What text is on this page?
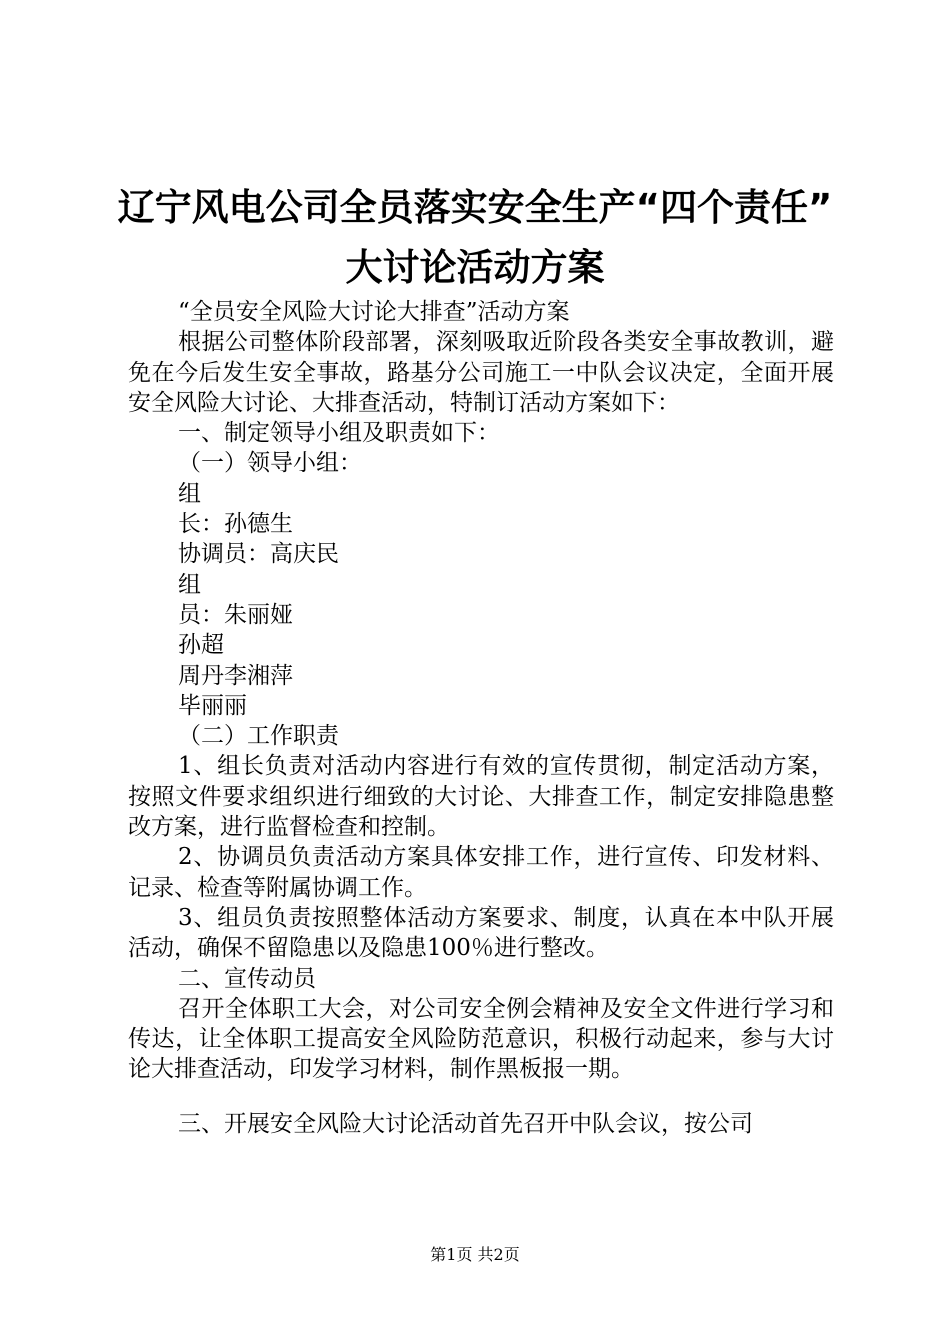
辽宁风电公司全员落实安全生产“四个责任”
大讨论活动方案

“全员安全风险大讨论大排查”活动方案

根据公司整体阶段部署，深刻吸取近阶段各类安全事故教训，避免在今后发生安全事故，路基分公司施工一中队会议决定，全面开展安全风险大讨论、大排查活动，特制订活动方案如下：

一、制定领导小组及职责如下：

（一）领导小组：

组

长：孙德生

协调员：高庆民

组

员：朱丽娅

孙超

周丹李湘萍

毕丽丽

（二）工作职责

1、组长负责对活动内容进行有效的宣传贯彻，制定活动方案，按照文件要求组织进行细致的大讨论、大排查工作，制定安排隐患整改方案，进行监督检查和控制。

2、协调员负责活动方案具体安排工作，进行宣传、印发材料、记录、检查等附属协调工作。

3、组员负责按照整体活动方案要求、制度，认真在本中队开展活动，确保不留隐患以及隐患100％进行整改。

二、宣传动员

召开全体职工大会，对公司安全例会精神及安全文件进行学习和传达，让全体职工提高安全风险防范意识，积极行动起来，参与大讨论大排查活动，印发学习材料，制作黑板报一期。

三、开展安全风险大讨论活动首先召开中队会议，按公司

第1页 共2页
